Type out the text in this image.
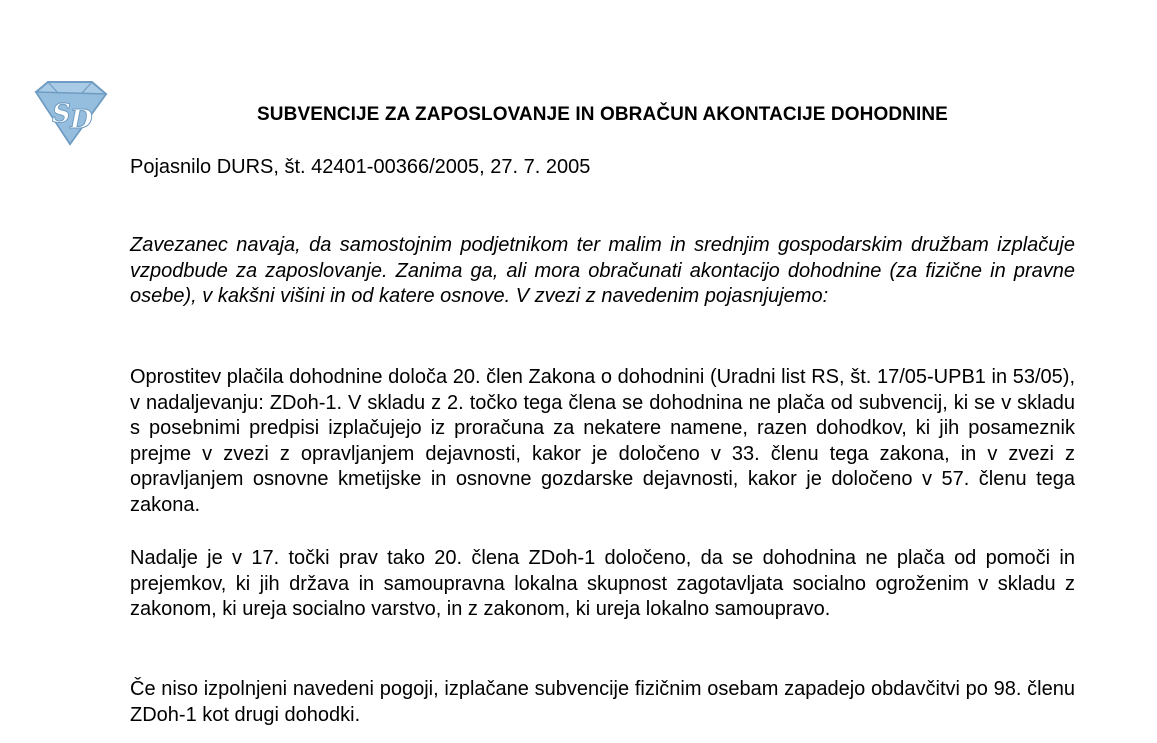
S D	SUBVENCIJE ZA ZAPOSLOVANJE IN OBRAČUN AKONTACIJE DOHODNINE
Pojasnilo DURS, št. 42401-00366/2005, 27. 7. 2005

Zavezanec navaja, da samostojnim podjetnikom ter malim in srednjim gospodarskim družbam izplačuje vzpodbude za zaposlovanje. Zanima ga, ali mora obračunati akontacijo dohodnine (za fizične in pravne osebe), v kakšni višini in od katere osnove. V zvezi z navedenim pojasnjujemo:

Oprostitev plačila dohodnine določa 20. člen Zakona o dohodnini (Uradni list RS, št. 17/05-UPB1 in 53/05), v nadaljevanju: ZDoh-1. V skladu z 2. točko tega člena se dohodnina ne plača od subvencij, ki se v skladu s posebnimi predpisi izplačujejo iz proračuna za nekatere namene, razen dohodkov, ki jih posameznik prejme v zvezi z opravljanjem dejavnosti, kakor je določeno v 33. členu tega zakona, in v zvezi z opravljanjem osnovne kmetijske in osnovne gozdarske dejavnosti, kakor je določeno v 57. členu tega zakona.

Nadalje je v 17. točki prav tako 20. člena ZDoh-1 določeno, da se dohodnina ne plača od pomoči in prejemkov, ki jih država in samoupravna lokalna skupnost zagotavljata socialno ogroženim v skladu z zakonom, ki ureja socialno varstvo, in z zakonom, ki ureja lokalno samoupravo.

Če niso izpolnjeni navedeni pogoji, izplačane subvencije fizičnim osebam zapadejo obdavčitvi po 98. členu ZDoh-1 kot drugi dohodki.
